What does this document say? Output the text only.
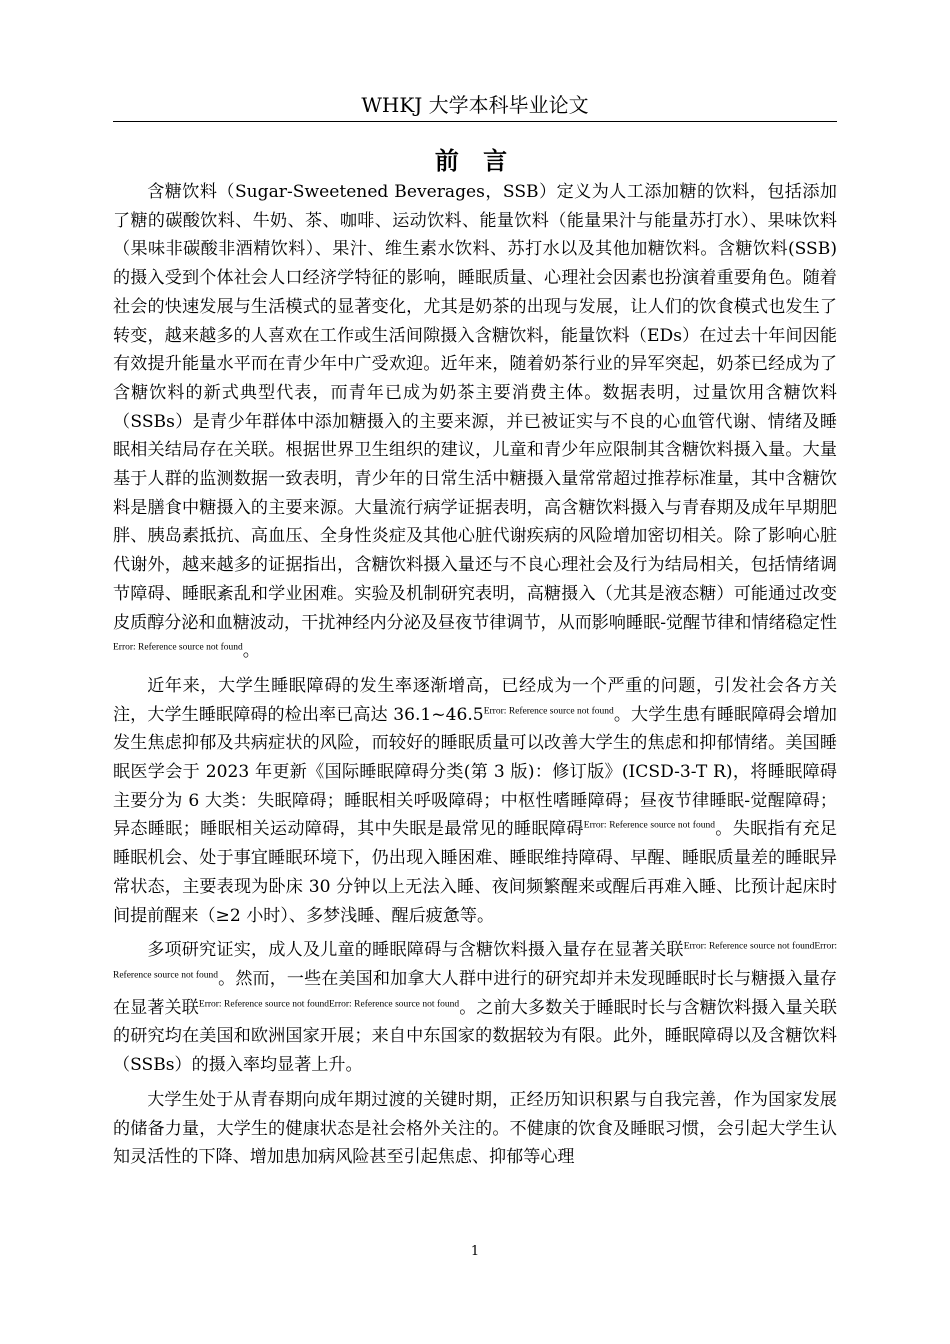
WHKJ 大学本科毕业论文
前 言

含糖饮料（Sugar-Sweetened Beverages，SSB）定义为人工添加糖的饮料，包括添加了糖的碳酸饮料、牛奶、茶、咖啡、运动饮料、能量饮料（能量果汁与能量苏打水）、果味饮料（果味非碳酸非酒精饮料）、果汁、维生素水饮料、苏打水以及其他加糖饮料。含糖饮料(SSB)的摄入受到个体社会人口经济学特征的影响，睡眠质量、心理社会因素也扮演着重要角色。随着社会的快速发展与生活模式的显著变化，尤其是奶茶的出现与发展，让人们的饮食模式也发生了转变，越来越多的人喜欢在工作或生活间隙摄入含糖饮料，能量饮料（EDs）在过去十年间因能有效提升能量水平而在青少年中广受欢迎。近年来，随着奶茶行业的异军突起，奶茶已经成为了含糖饮料的新式典型代表，而青年已成为奶茶主要消费主体。数据表明，过量饮用含糖饮料（SSBs）是青少年群体中添加糖摄入的主要来源，并已被证实与不良的心血管代谢、情绪及睡眠相关结局存在关联。根据世界卫生组织的建议，儿童和青少年应限制其含糖饮料摄入量。大量基于人群的监测数据一致表明，青少年的日常生活中糖摄入量常常超过推荐标准量，其中含糖饮料是膳食中糖摄入的主要来源。大量流行病学证据表明，高含糖饮料摄入与青春期及成年早期肥胖、胰岛素抵抗、高血压、全身性炎症及其他心脏代谢疾病的风险增加密切相关。除了影响心脏代谢外，越来越多的证据指出，含糖饮料摄入量还与不良心理社会及行为结局相关，包括情绪调节障碍、睡眠紊乱和学业困难。实验及机制研究表明，高糖摄入（尤其是液态糖）可能通过改变皮质醇分泌和血糖波动，干扰神经内分泌及昼夜节律调节，从而影响睡眠-觉醒节律和情绪稳定性$^{Error: Reference source not found}$。

近年来，大学生睡眠障碍的发生率逐渐增高，已经成为一个严重的问题，引发社会各方关注，大学生睡眠障碍的检出率已高达 36.1~46.5$^{Error: Reference source not found}$。大学生患有睡眠障碍会增加发生焦虑抑郁及共病症状的风险，而较好的睡眠质量可以改善大学生的焦虑和抑郁情绪。美国睡眠医学会于 2023 年更新《国际睡眠障碍分类(第 3 版)：修订版》(ICSD-3-T R)，将睡眠障碍主要分为 6 大类：失眠障碍；睡眠相关呼吸障碍；中枢性嗜睡障碍；昼夜节律睡眠-觉醒障碍；异态睡眠；睡眠相关运动障碍，其中失眠是最常见的睡眠障碍$^{Error: Reference source not found}$。失眠指有充足睡眠机会、处于事宜睡眠环境下，仍出现入睡困难、睡眠维持障碍、早醒、睡眠质量差的睡眠异常状态，主要表现为卧床 30 分钟以上无法入睡、夜间频繁醒来或醒后再难入睡、比预计起床时间提前醒来（≥2 小时）、多梦浅睡、醒后疲惫等。

多项研究证实，成人及儿童的睡眠障碍与含糖饮料摄入量存在显著关联$^{Error: Reference source not foundError: Reference source not found}$。然而，一些在美国和加拿大人群中进行的研究却并未发现睡眠时长与糖摄入量存在显著关联$^{Error: Reference source not foundError: Reference source not found}$。之前大多数关于睡眠时长与含糖饮料摄入量关联的研究均在美国和欧洲国家开展；来自中东国家的数据较为有限。此外，睡眠障碍以及含糖饮料（SSBs）的摄入率均显著上升。

大学生处于从青春期向成年期过渡的关键时期，正经历知识积累与自我完善，作为国家发展的储备力量，大学生的健康状态是社会格外关注的。不健康的饮食及睡眠习惯，会引起大学生认知灵活性的下降、增加患加病风险甚至引起焦虑、抑郁等心理

1
